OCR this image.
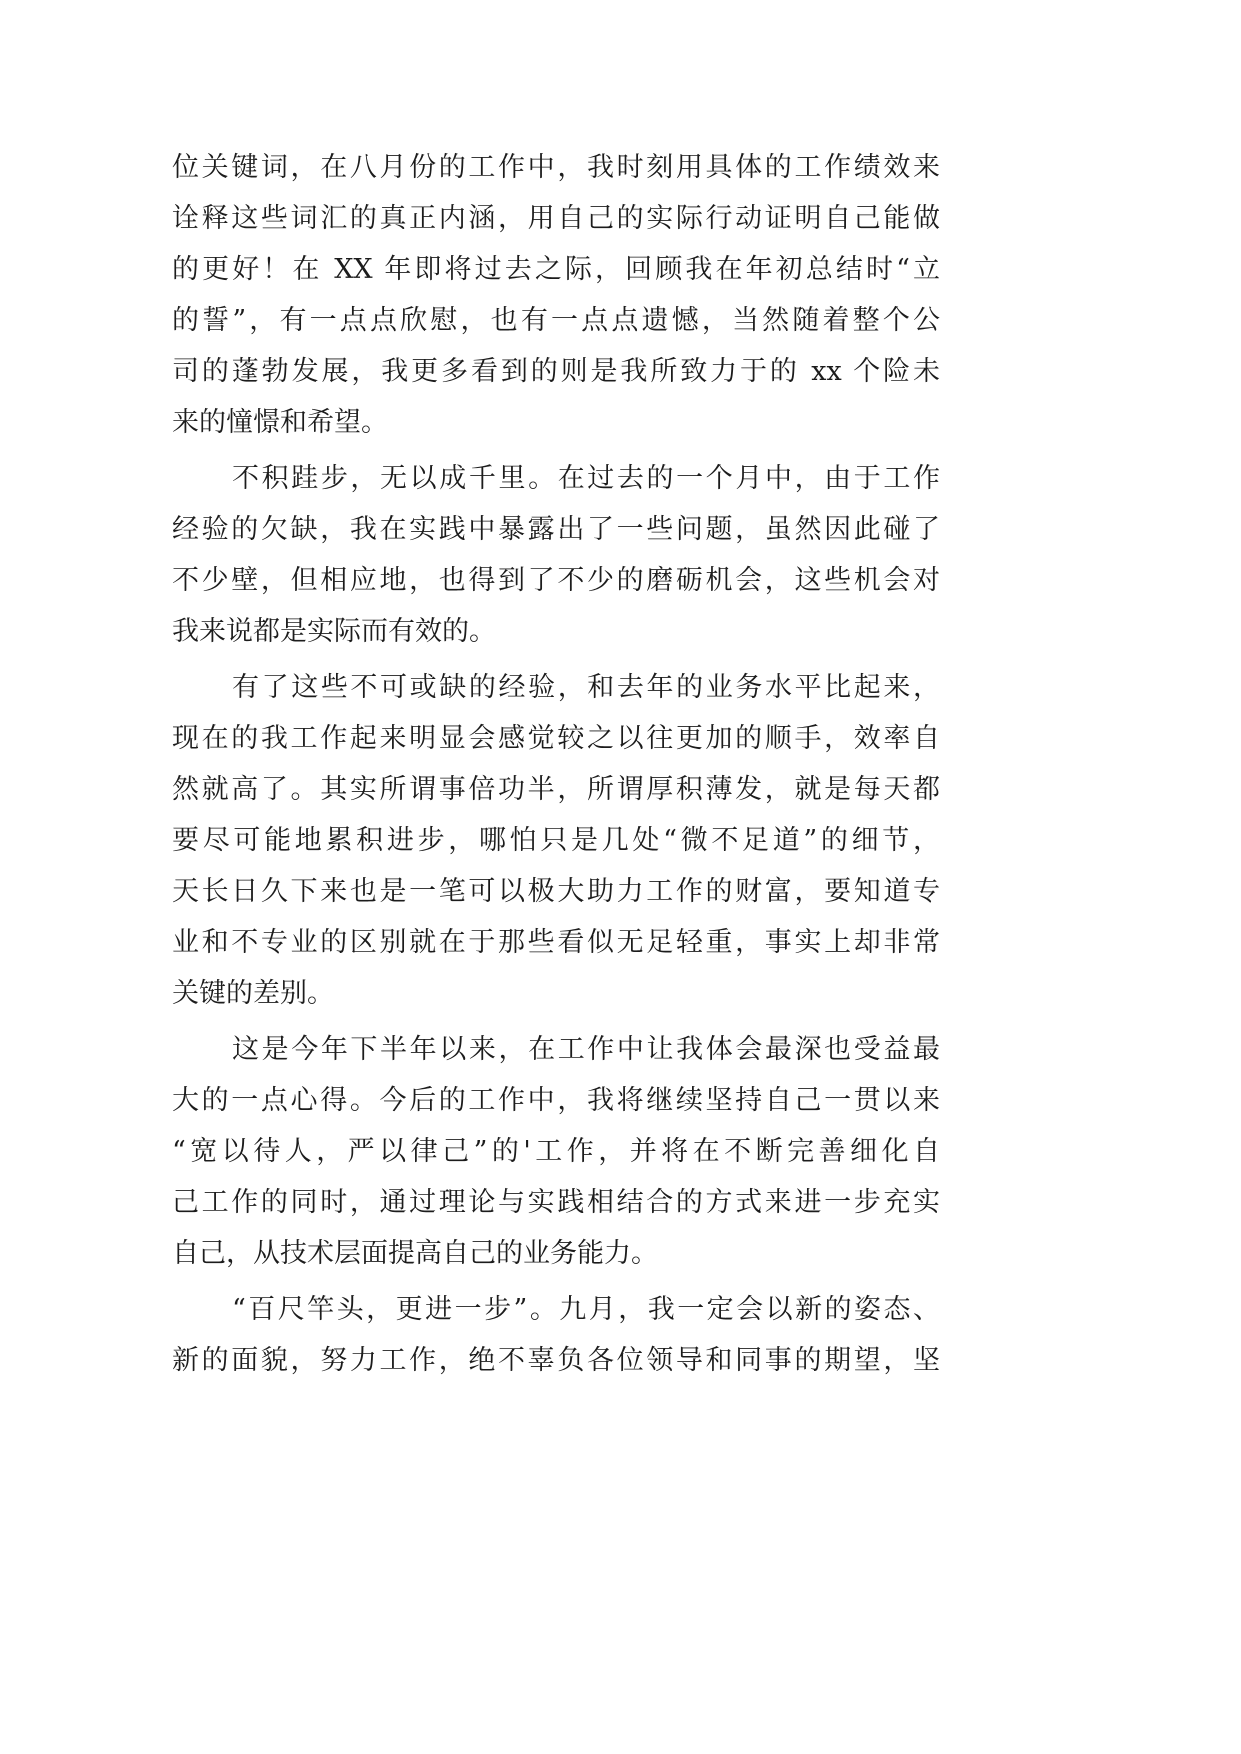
位关键词，在八月份的工作中，我时刻用具体的工作绩效来
诠释这些词汇的真正内涵，用自己的实际行动证明自己能做
的更好！在 XX 年即将过去之际，回顾我在年初总结时“立
的誓”，有一点点欣慰，也有一点点遗憾，当然随着整个公
司的蓬勃发展，我更多看到的则是我所致力于的 xx 个险未
来的憧憬和希望。
不积跬步，无以成千里。在过去的一个月中，由于工作
经验的欠缺，我在实践中暴露出了一些问题，虽然因此碰了
不少壁，但相应地，也得到了不少的磨砺机会，这些机会对
我来说都是实际而有效的。
有了这些不可或缺的经验，和去年的业务水平比起来，
现在的我工作起来明显会感觉较之以往更加的顺手，效率自
然就高了。其实所谓事倍功半，所谓厚积薄发，就是每天都
要尽可能地累积进步，哪怕只是几处“微不足道”的细节，
天长日久下来也是一笔可以极大助力工作的财富，要知道专
业和不专业的区别就在于那些看似无足轻重，事实上却非常
关键的差别。
这是今年下半年以来，在工作中让我体会最深也受益最
大的一点心得。今后的工作中，我将继续坚持自己一贯以来
“宽以待人，严以律己”的'工作，并将在不断完善细化自
己工作的同时，通过理论与实践相结合的方式来进一步充实
自己，从技术层面提高自己的业务能力。
“百尺竿头，更进一步”。九月，我一定会以新的姿态、
新的面貌，努力工作，绝不辜负各位领导和同事的期望，坚
